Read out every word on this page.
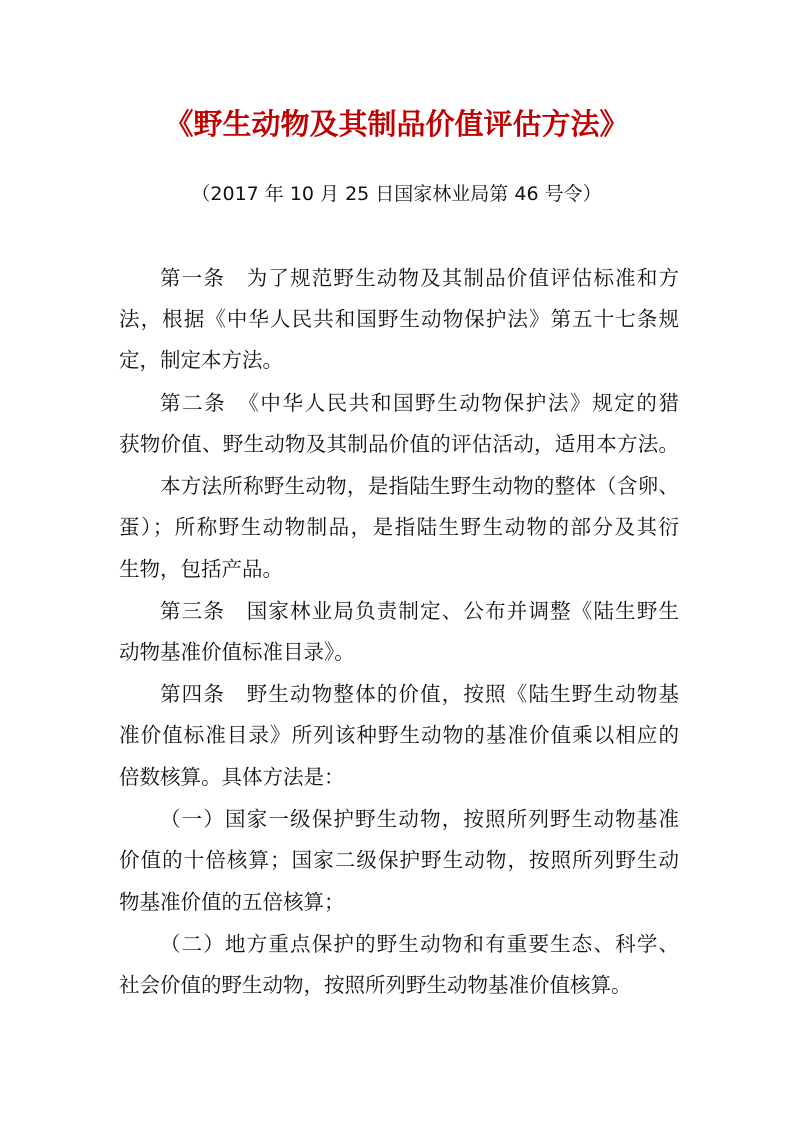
《野生动物及其制品价值评估方法》

（2017 年 10 月 25 日国家林业局第 46 号令）

第一条　为了规范野生动物及其制品价值评估标准和方

法，根据《中华人民共和国野生动物保护法》第五十七条规

定，制定本方法。

第二条　《中华人民共和国野生动物保护法》规定的猎

获物价值、野生动物及其制品价值的评估活动，适用本方法。

本方法所称野生动物，是指陆生野生动物的整体（含卵、

蛋）；所称野生动物制品，是指陆生野生动物的部分及其衍

生物，包括产品。

第三条　国家林业局负责制定、公布并调整《陆生野生

动物基准价值标准目录》。

第四条　野生动物整体的价值，按照《陆生野生动物基

准价值标准目录》所列该种野生动物的基准价值乘以相应的

倍数核算。具体方法是：

（一）国家一级保护野生动物，按照所列野生动物基准

价值的十倍核算；国家二级保护野生动物，按照所列野生动

物基准价值的五倍核算；

（二）地方重点保护的野生动物和有重要生态、科学、

社会价值的野生动物，按照所列野生动物基准价值核算。
